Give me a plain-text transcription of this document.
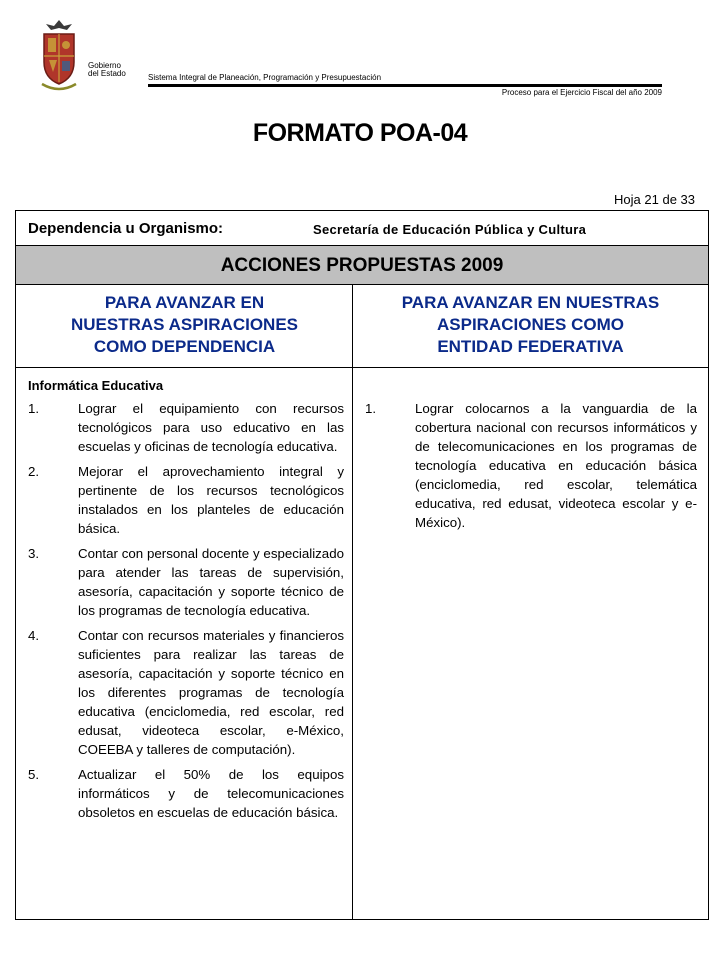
Gobierno
del Estado	Sistema Integral de Planeación, Programación y Presupuestación
Proceso para el Ejercicio Fiscal del año 2009
FORMATO POA-04
Hoja 21 de 33
Dependencia u Organismo:	Secretaría de Educación Pública y Cultura
ACCIONES PROPUESTAS 2009
PARA AVANZAR EN
NUESTRAS ASPIRACIONES
COMO DEPENDENCIA
PARA AVANZAR EN NUESTRAS
ASPIRACIONES COMO
ENTIDAD FEDERATIVA
Informática Educativa
1.	Lograr el equipamiento con recursos tecnológicos para uso educativo en las escuelas y oficinas de tecnología educativa.
2.	Mejorar el aprovechamiento integral y pertinente de los recursos tecnológicos instalados en los planteles de educación básica.
3.	Contar con personal docente y especializado para atender las tareas de supervisión, asesoría, capacitación y soporte técnico de los programas de tecnología educativa.
4.	Contar con recursos materiales y financieros suficientes para realizar las tareas de asesoría, capacitación y soporte técnico en los diferentes programas de tecnología educativa (enciclomedia, red escolar, red edusat, videoteca escolar, e-México, COEEBA y talleres de computación).
5.	Actualizar el 50% de los equipos informáticos y de telecomunicaciones obsoletos en escuelas de educación básica.
1.	Lograr colocarnos a la vanguardia de la cobertura nacional con recursos informáticos y de telecomunicaciones en los programas de tecnología educativa en educación básica (enciclomedia, red escolar, telemática educativa, red edusat, videoteca escolar y e-México).
